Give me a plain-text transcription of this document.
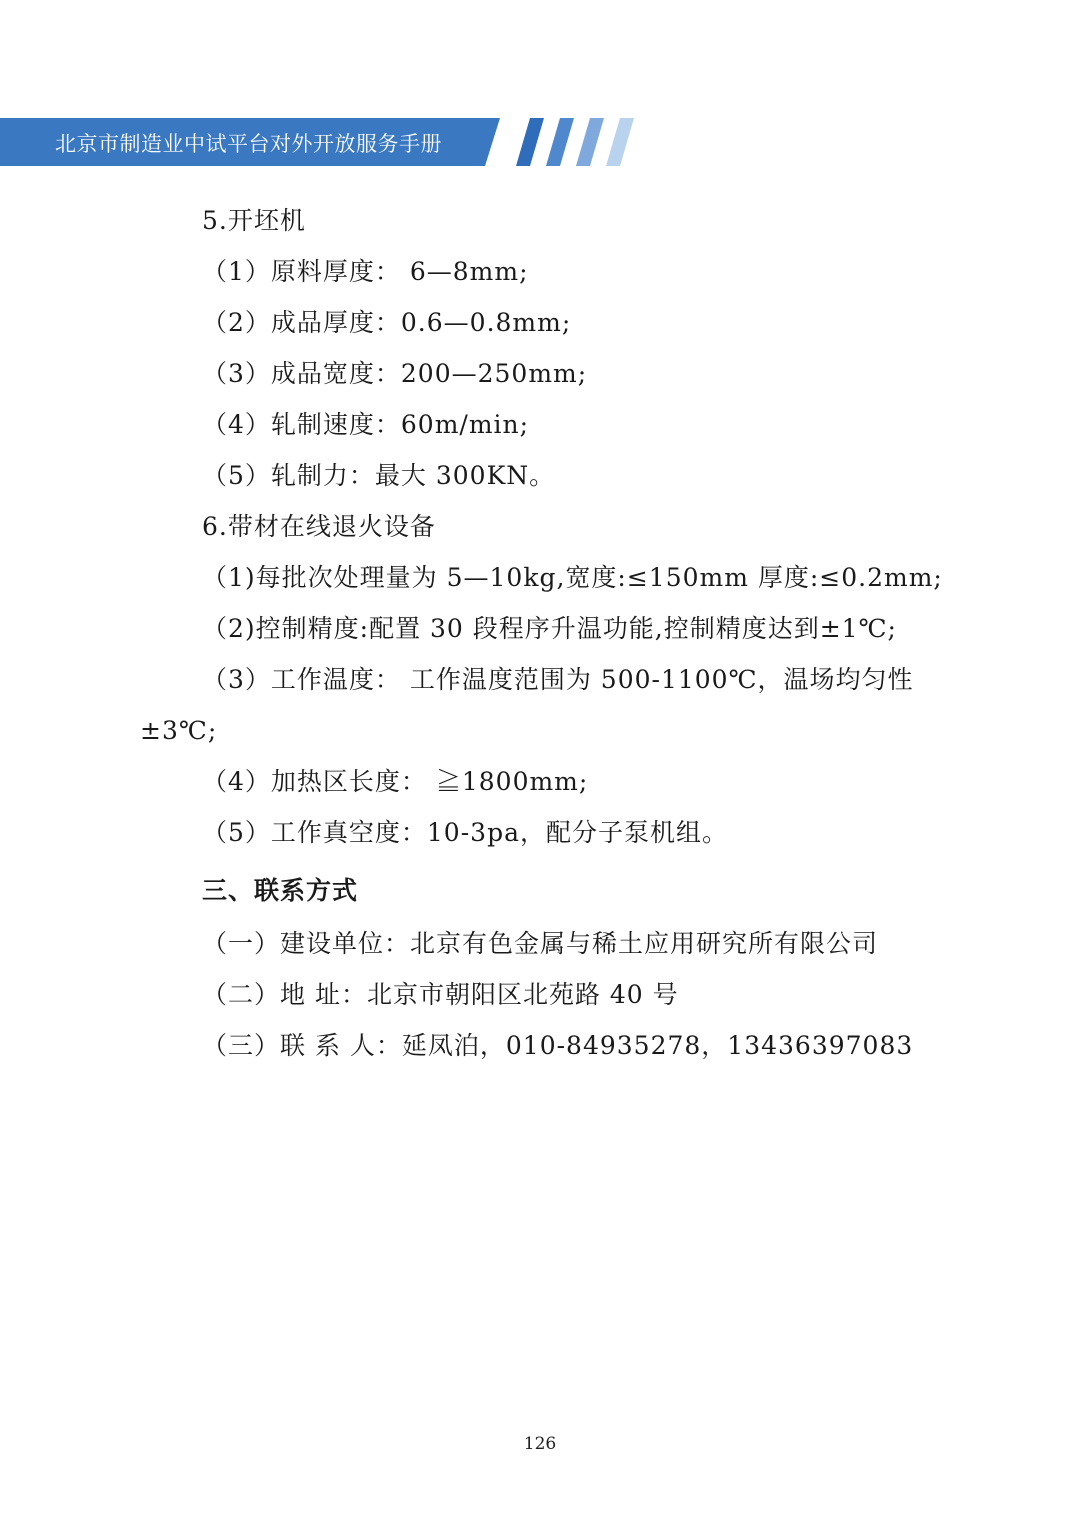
北京市制造业中试平台对外开放服务手册
5.开坯机
（1）原料厚度： 6—8mm;
（2）成品厚度：0.6—0.8mm;
（3）成品宽度：200—250mm;
（4）轧制速度：60m/min;
（5）轧制力：最大 300KN。
6.带材在线退火设备
（1)每批次处理量为 5—10kg,宽度:≤150mm 厚度:≤0.2mm;
（2)控制精度:配置 30 段程序升温功能,控制精度达到±1℃;
（3）工作温度： 工作温度范围为 500-1100℃，温场均匀性
±3℃;
（4）加热区长度： ≧1800mm;
（5）工作真空度：10-3pa，配分子泵机组。
三、联系方式
（一）建设单位：北京有色金属与稀土应用研究所有限公司
（二）地 址：北京市朝阳区北苑路 40 号
（三）联 系 人：延凤泊，010-84935278，13436397083
126
